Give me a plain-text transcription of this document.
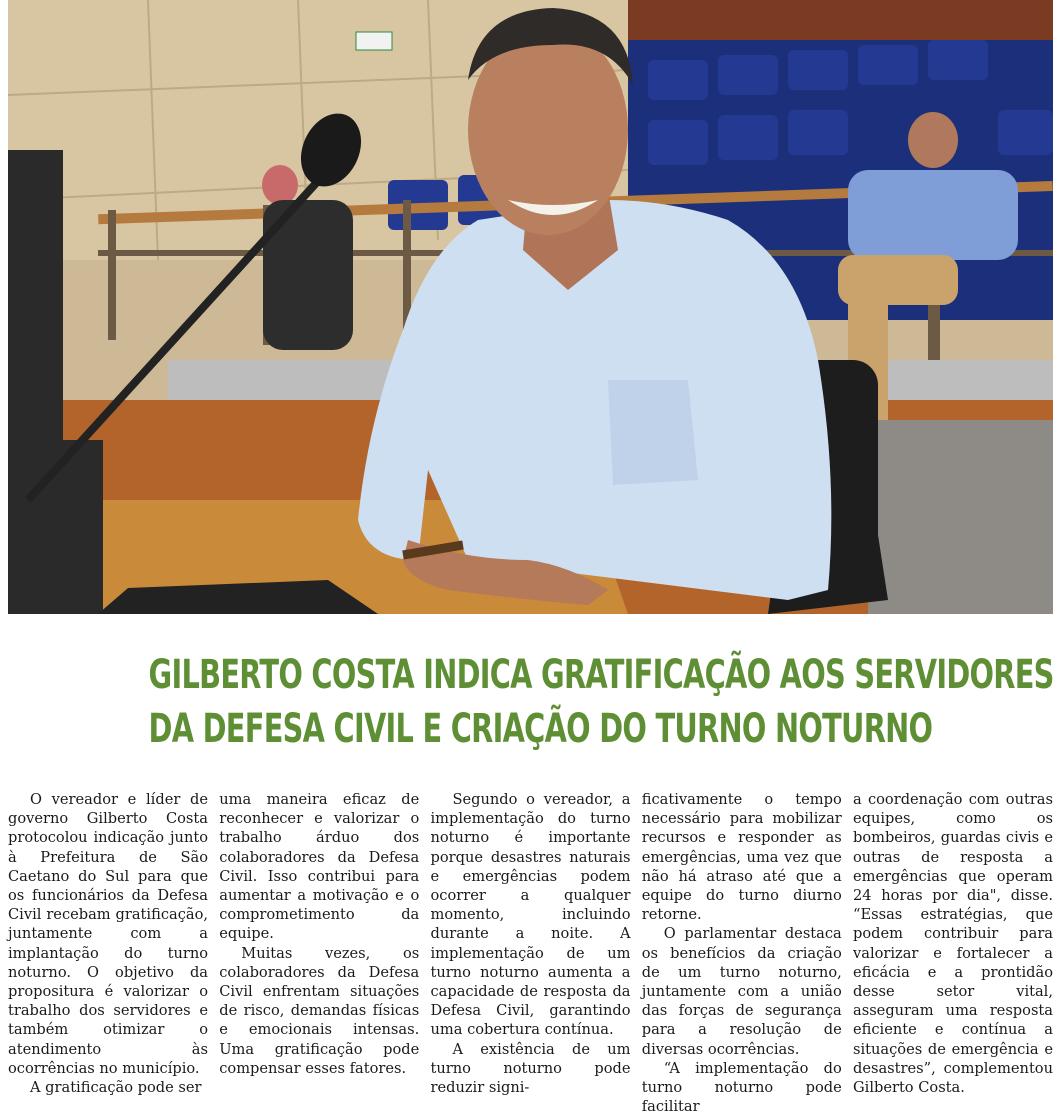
GILBERTO COSTA INDICA GRATIFICAÇÃO AOS SERVIDORES
DA DEFESA CIVIL E CRIAÇÃO DO TURNO NOTURNO

O vereador e líder de governo Gilberto Costa protocolou indicação junto à Prefeitura de São Caetano do Sul para que os funcionários da Defesa Civil recebam gratificação, juntamente com a implantação do turno noturno. O objetivo da propositura é valorizar o trabalho dos servidores e também otimizar o atendimento às ocorrências no município.

A gratificação pode ser

uma maneira eficaz de reconhecer e valorizar o trabalho árduo dos colaboradores da Defesa Civil. Isso contribui para aumentar a motivação e o comprometimento da equipe.

Muitas vezes, os colaboradores da Defesa Civil enfrentam situações de risco, demandas físicas e emocionais intensas. Uma gratificação pode compensar esses fatores.

Segundo o vereador, a implementação do turno noturno é importante porque desastres naturais e emergências podem ocorrer a qualquer momento, incluindo durante a noite. A implementação de um turno noturno aumenta a capacidade de resposta da Defesa Civil, garantindo uma cobertura contínua.

A existência de um turno noturno pode reduzir signi-

ficativamente o tempo necessário para mobilizar recursos e responder as emergências, uma vez que não há atraso até que a equipe do turno diurno retorne.

O parlamentar destaca os benefícios da criação de um turno noturno, juntamente com a união das forças de segurança para a resolução de diversas ocorrências.

“A implementação do turno noturno pode facilitar

a coordenação com outras equipes, como os bombeiros, guardas civis e outras de resposta a emergências que operam 24 horas por dia", disse. “Essas estratégias, que podem contribuir para valorizar e fortalecer a eficácia e a prontidão desse setor vital, asseguram uma resposta eficiente e contínua a situações de emergência e desastres”, complementou Gilberto Costa.
